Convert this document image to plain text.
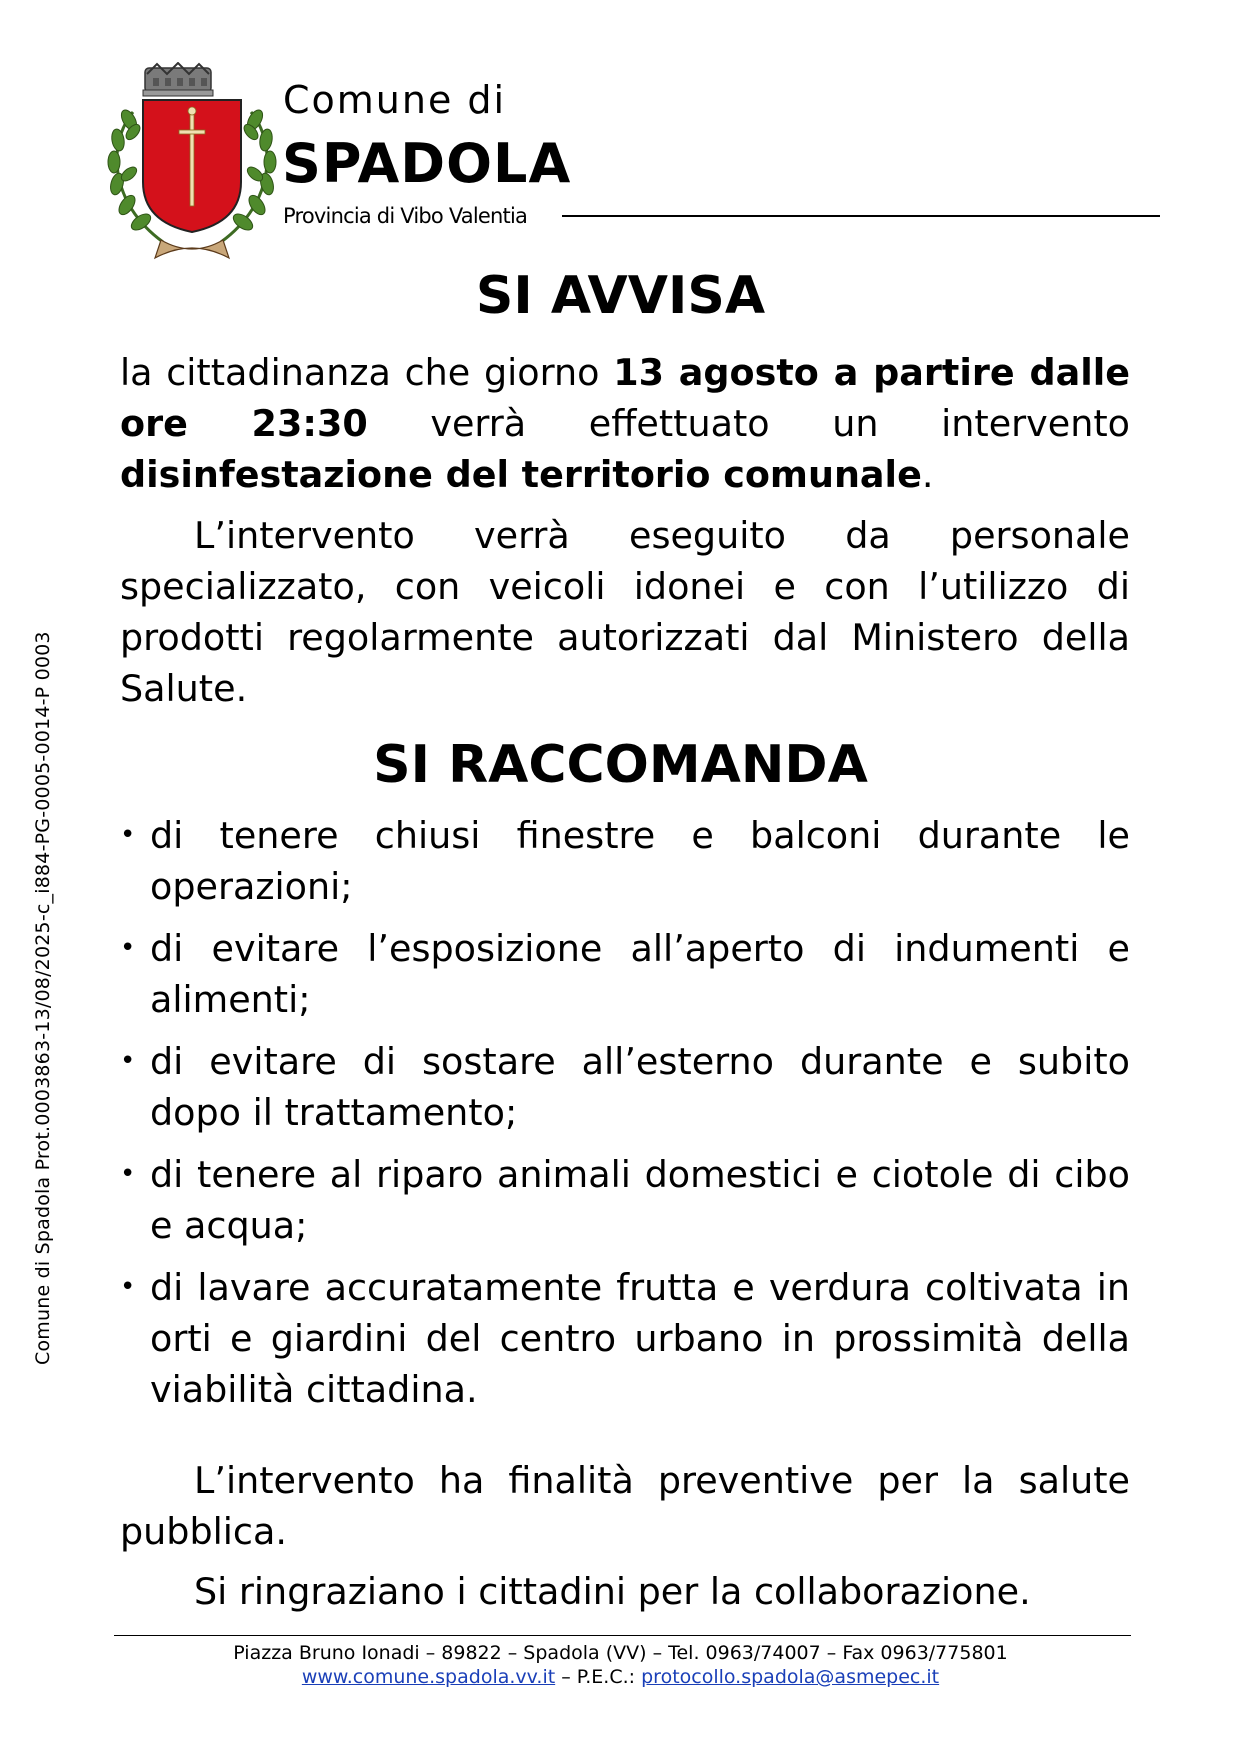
Comune di Spadola Prot.0003863-13/08/2025-c_i884-PG-0005-0014-P 0003
Comune di
SPADOLA
Provincia di Vibo Valentia
SI AVVISA

la cittadinanza che giorno 13 agosto a partire dalle ore 23:30 verrà effettuato un intervento disinfestazione del territorio comunale.

L’intervento verrà eseguito da personale specializzato, con veicoli idonei e con l’utilizzo di prodotti regolarmente autorizzati dal Ministero della Salute.

SI RACCOMANDA
• di tenere chiusi finestre e balconi durante le operazioni;
• di evitare l’esposizione all’aperto di indumenti e alimenti;
• di evitare di sostare all’esterno durante e subito dopo il trattamento;
• di tenere al riparo animali domestici e ciotole di cibo e acqua;
• di lavare accuratamente frutta e verdura coltivata in orti e giardini del centro urbano in prossimità della viabilità cittadina.

L’intervento ha finalità preventive per la salute pubblica.

Si ringraziano i cittadini per la collaborazione.

Piazza Bruno Ionadi – 89822 – Spadola (VV) – Tel. 0963/74007 – Fax 0963/775801
www.comune.spadola.vv.it – P.E.C.: protocollo.spadola@asmepec.it
